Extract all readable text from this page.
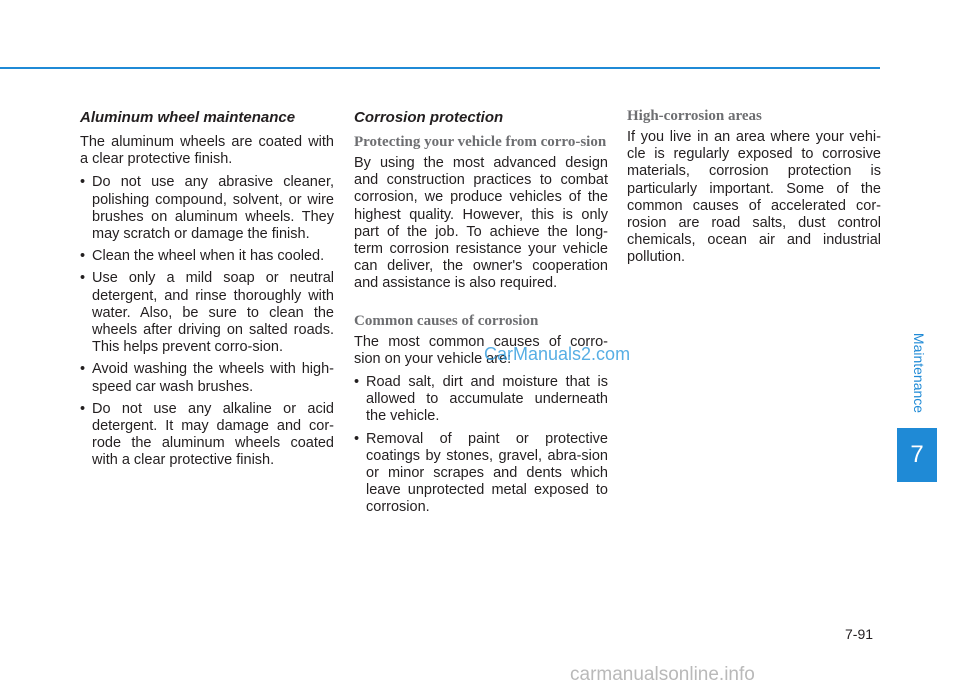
Aluminum wheel maintenance

The aluminum wheels are coated with a clear protective finish.

• Do not use any abrasive cleaner, polishing compound, solvent, or wire brushes on aluminum wheels. They may scratch or damage the finish.
• Clean the wheel when it has cooled.
• Use only a mild soap or neutral detergent, and rinse thoroughly with water. Also, be sure to clean the wheels after driving on salted roads. This helps prevent corro-sion.
• Avoid washing the wheels with high-speed car wash brushes.
• Do not use any alkaline or acid detergent. It may damage and cor-rode the aluminum wheels coated with a clear protective finish.
Corrosion protection
Protecting your vehicle from corro-sion

By using the most advanced design and construction practices to combat corrosion, we produce vehicles of the highest quality. However, this is only part of the job. To achieve the long-term corrosion resistance your vehicle can deliver, the owner's cooperation and assistance is also required.

Common causes of corrosion

The most common causes of corro-sion on your vehicle are:

• Road salt, dirt and moisture that is allowed to accumulate underneath the vehicle.
• Removal of paint or protective coatings by stones, gravel, abra-sion or minor scrapes and dents which leave unprotected metal exposed to corrosion.
High-corrosion areas

If you live in an area where your vehi-cle is regularly exposed to corrosive materials, corrosion protection is particularly important. Some of the common causes of accelerated cor-rosion are road salts, dust control chemicals, ocean air and industrial pollution.

CarManuals2.com	Maintenance
7
7-91
carmanualsonline.info
